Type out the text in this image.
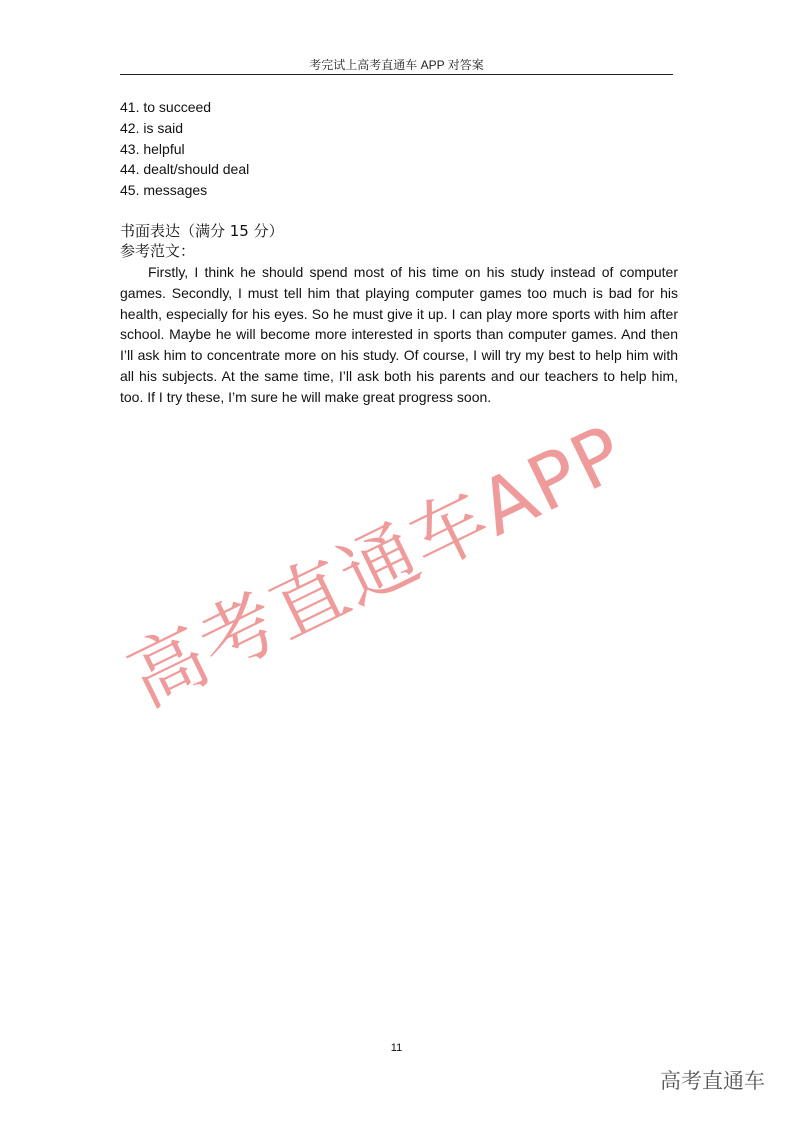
考完试上高考直通车 APP 对答案
41. to succeed
42. is said
43. helpful
44. dealt/should deal
45. messages

书面表达（满分 15 分）

参考范文：

Firstly, I think he should spend most of his time on his study instead of computer games. Secondly, I must tell him that playing computer games too much is bad for his health, especially for his eyes. So he must give it up. I can play more sports with him after school. Maybe he will become more interested in sports than computer games. And then I’ll ask him to concentrate more on his study. Of course, I will try my best to help him with all his subjects. At the same time, I’ll ask both his parents and our teachers to help him, too. If I try these, I’m sure he will make great progress soon.

高考直通车APP
11
高考直通车
